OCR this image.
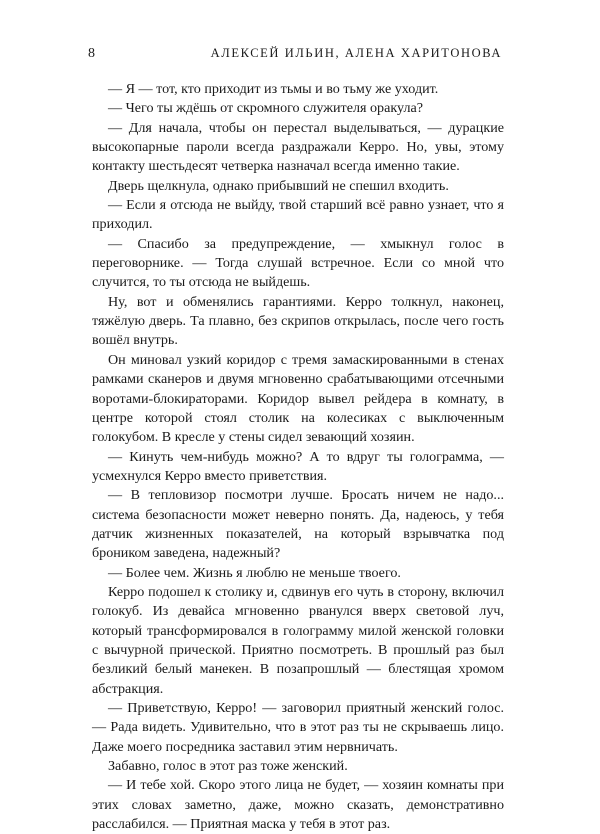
8	АЛЕКСЕЙ ИЛЬИН, АЛЕНА ХАРИТОНОВА

— Я — тот, кто приходит из тьмы и во тьму же уходит.

— Чего ты ждёшь от скромного служителя оракула?

— Для начала, чтобы он перестал выделываться, — дурацкие высокопарные пароли всегда раздражали Керро. Но, увы, этому контакту шестьдесят четверка назначал всегда именно такие.

Дверь щелкнула, однако прибывший не спешил входить.

— Если я отсюда не выйду, твой старший всё равно узнает, что я приходил.

— Спасибо за предупреждение, — хмыкнул голос в переговорнике. — Тогда слушай встречное. Если со мной что случится, то ты отсюда не выйдешь.

Ну, вот и обменялись гарантиями. Керро толкнул, наконец, тяжёлую дверь. Та плавно, без скрипов открылась, после чего гость вошёл внутрь.

Он миновал узкий коридор с тремя замаскированными в стенах рамками сканеров и двумя мгновенно срабатывающими отсечными воротами-блокираторами. Коридор вывел рейдера в комнату, в центре которой стоял столик на колесиках с выключенным голокубом. В кресле у стены сидел зевающий хозяин.

— Кинуть чем-нибудь можно? А то вдруг ты голограмма, — усмехнулся Керро вместо приветствия.

— В тепловизор посмотри лучше. Бросать ничем не надо... система безопасности может неверно понять. Да, надеюсь, у тебя датчик жизненных показателей, на который взрывчатка под броником заведена, надежный?

— Более чем. Жизнь я люблю не меньше твоего.

Керро подошел к столику и, сдвинув его чуть в сторону, включил голокуб. Из девайса мгновенно рванулся вверх световой луч, который трансформировался в голограмму милой женской головки с вычурной прической. Приятно посмотреть. В прошлый раз был безликий белый манекен. В позапрошлый — блестящая хромом абстракция.

— Приветствую, Керро! — заговорил приятный женский голос. — Рада видеть. Удивительно, что в этот раз ты не скрываешь лицо. Даже моего посредника заставил этим нервничать.

Забавно, голос в этот раз тоже женский.

— И тебе хой. Скоро этого лица не будет, — хозяин комнаты при этих словах заметно, даже, можно сказать, демонстративно расслабился. — Приятная маска у тебя в этот раз.
